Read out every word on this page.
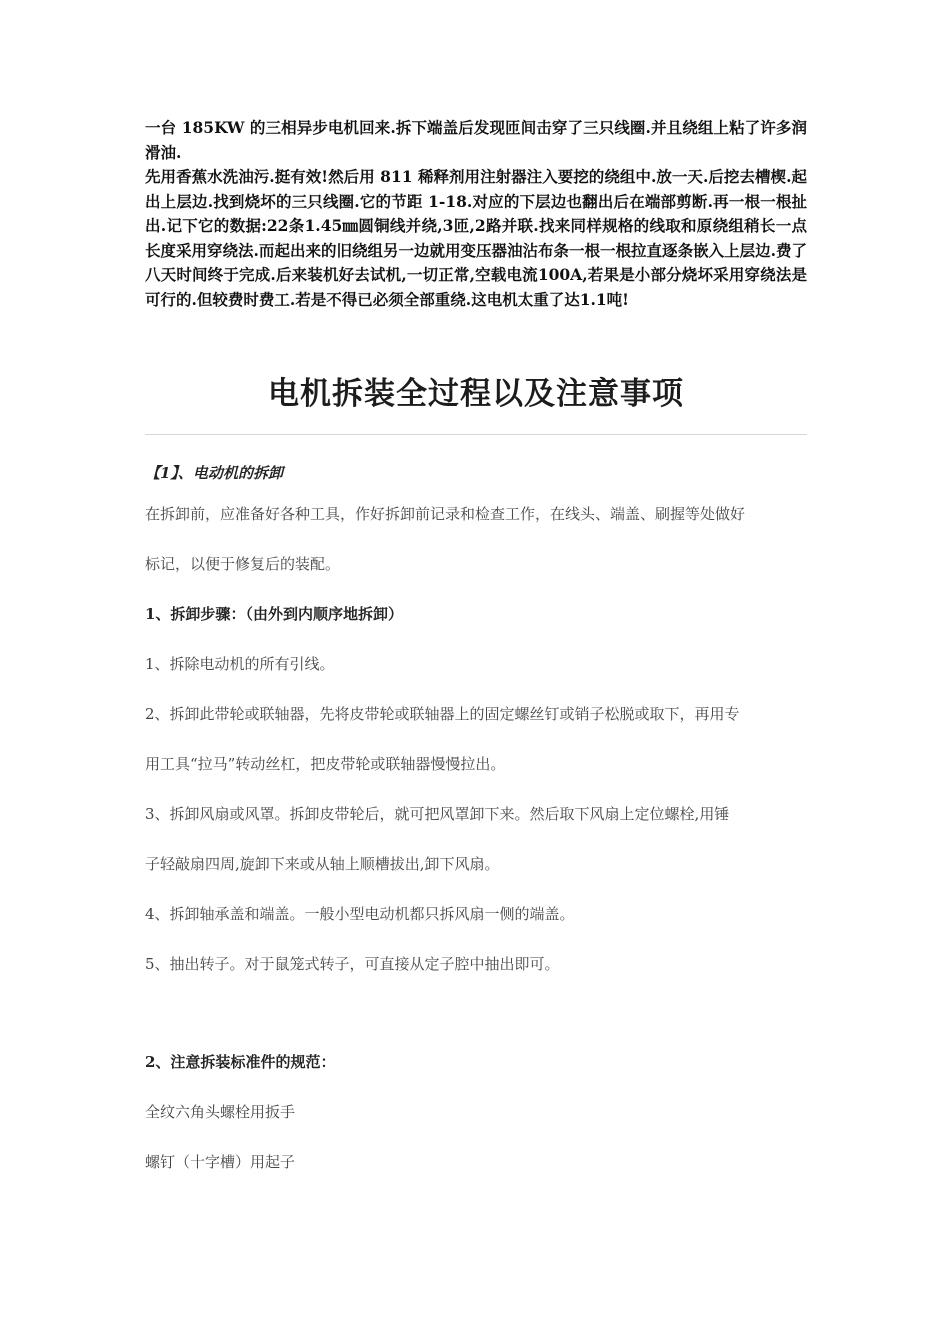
一台 185KW 的三相异步电机回来.拆下端盖后发现匝间击穿了三只线圈.并且绕组上粘了许多润滑油.

先用香蕉水洗油污.挺有效!然后用 811 稀释剂用注射器注入要挖的绕组中.放一天.后挖去槽楔.起出上层边.找到烧坏的三只线圈.它的节距 1-18.对应的下层边也翻出后在端部剪断.再一根一根扯出.记下它的数据:22条1.45㎜圆铜线并绕,3匝,2路并联.找来同样规格的线取和原绕组稍长一点长度采用穿绕法.而起出来的旧绕组另一边就用变压器油沾布条一根一根拉直逐条嵌入上层边.费了八天时间终于完成.后来装机好去试机,一切正常,空载电流100A,若果是小部分烧坏采用穿绕法是可行的.但较费时费工.若是不得已必须全部重绕.这电机太重了达1.1吨!

电机拆装全过程以及注意事项
【1】、电动机的拆卸

在拆卸前，应准备好各种工具，作好拆卸前记录和检查工作，在线头、端盖、刷握等处做好

标记，以便于修复后的装配。

1、拆卸步骤：（由外到内顺序地拆卸）

1、拆除电动机的所有引线。

2、拆卸此带轮或联轴器，先将皮带轮或联轴器上的固定螺丝钉或销子松脱或取下，再用专

用工具“拉马”转动丝杠，把皮带轮或联轴器慢慢拉出。

3、拆卸风扇或风罩。拆卸皮带轮后，就可把风罩卸下来。然后取下风扇上定位螺栓,用锤

子轻敲扇四周,旋卸下来或从轴上顺槽拔出,卸下风扇。

4、拆卸轴承盖和端盖。一般小型电动机都只拆风扇一侧的端盖。

5、抽出转子。对于鼠笼式转子，可直接从定子腔中抽出即可。

2、注意拆装标准件的规范：

全纹六角头螺栓用扳手

螺钉（十字槽）用起子
